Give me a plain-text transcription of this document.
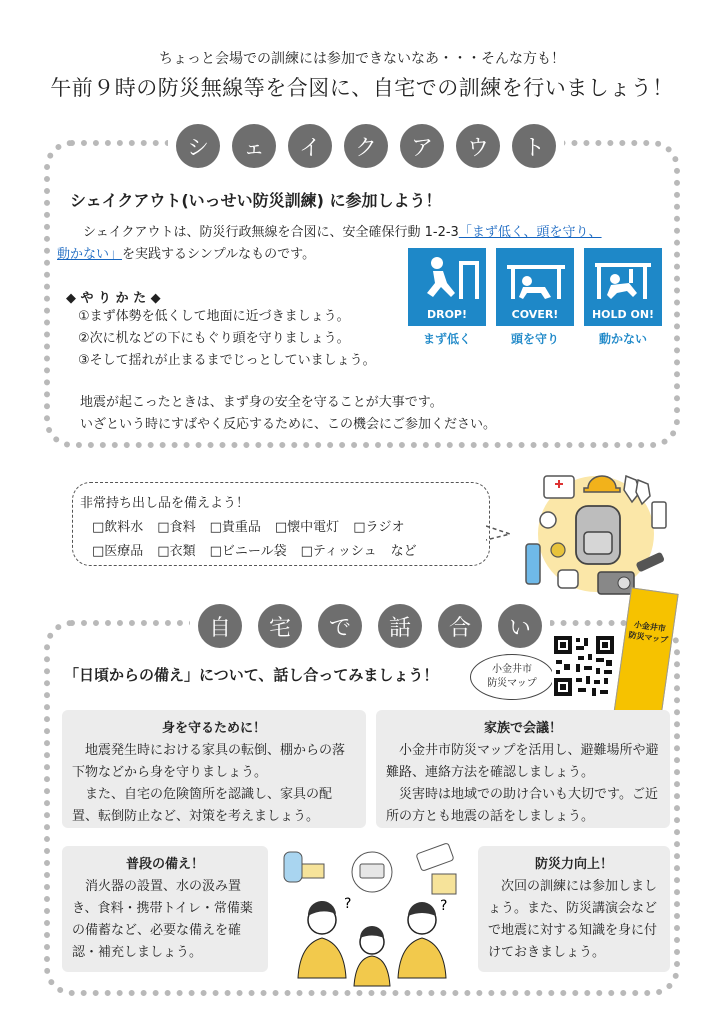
ちょっと会場での訓練には参加できないなあ・・・そんな方も！
午前９時の防災無線等を合図に、自宅での訓練を行いましょう！
シ	ェ	イ	ク	ア	ウ	ト
シェイクアウト(いっせい防災訓練) に参加しよう！
シェイクアウトは、防災行政無線を合図に、安全確保行動 1-2-3「まず低く、頭を守り、
動かない」を実践するシンプルなものです。
◆ や り か た ◆
①まず体勢を低くして地面に近づきましょう。
②次に机などの下にもぐり頭を守りましょう。
③そして揺れが止まるまでじっとしていましょう。
地震が起こったときは、まず身の安全を守ることが大事です。
いざという時にすばやく反応するために、この機会にご参加ください。
DROP!	COVER!	HOLD ON!
まず低く	頭を守り	動かない
非常持ち出し品を備えよう！
□飲料水 □食料 □貴重品 □懐中電灯 □ラジオ
□医療品 □衣類 □ビニール袋 □ティッシュ など
自	宅	で	話	合	い
「日頃からの備え」について、話し合ってみましょう！	小金井市
防災マップ
小金井市
防災マップ
身を守るために！
　地震発生時における家具の転倒、棚からの落下物などから身を守りましょう。
　また、自宅の危険箇所を認識し、家具の配置、転倒防止など、対策を考えましょう。
家族で会議！
　小金井市防災マップを活用し、避難場所や避難路、連絡方法を確認しましょう。
　災害時は地域での助け合いも大切です。ご近所の方とも地震の話をしましょう。
普段の備え！
　消火器の設置、水の汲み置き、食料・携帯トイレ・常備薬の備蓄など、必要な備えを確認・補充しましょう。
防災力向上！
　次回の訓練には参加しましょう。また、防災講演会などで地震に対する知識を身に付けておきましょう。
?	?
